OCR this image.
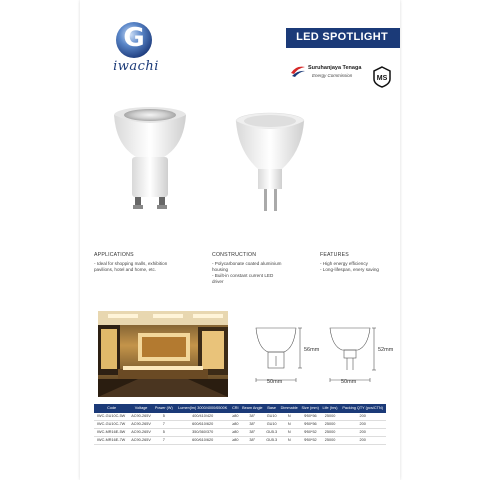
G
iwachi
LED SPOTLIGHT
Suruhanjaya Tenaga
Energy Commission	MS
APPLICATIONS
- Ideal for shopping malls, exhibition
pavilions, hotel and home, etc.
CONSTRUCTION
- Polycarbonate coated aluminium
housing
- Built-in constant current LED
driver
FEATURES
- High energy efficiency
- Long-lifespan, enery saving
56mm
50mm
52mm
50mm
Code	Voltage	Power (W)	Lumen(lm) 3000/4000/6500K	CRI	Beam Angle	Base	Dimmable	Size (mm)	Life (hrs)	Packing QTY (pcs/CTN)
IWC-GU10C-5W	AC90-265V	5	400/410/420	≥80	38°	GU10	N	Φ50*56	25000	200
IWC-GU10C-7W	AC90-265V	7	600/610/620	≥80	38°	GU10	N	Φ50*56	25000	200
IWC-MR16E-5W	AC90-265V	5	350/360/370	≥80	38°	GU5.3	N	Φ50*52	25000	200
IWC-MR16E-7W	AC90-265V	7	600/610/620	≥80	38°	GU5.3	N	Φ50*52	25000	200
